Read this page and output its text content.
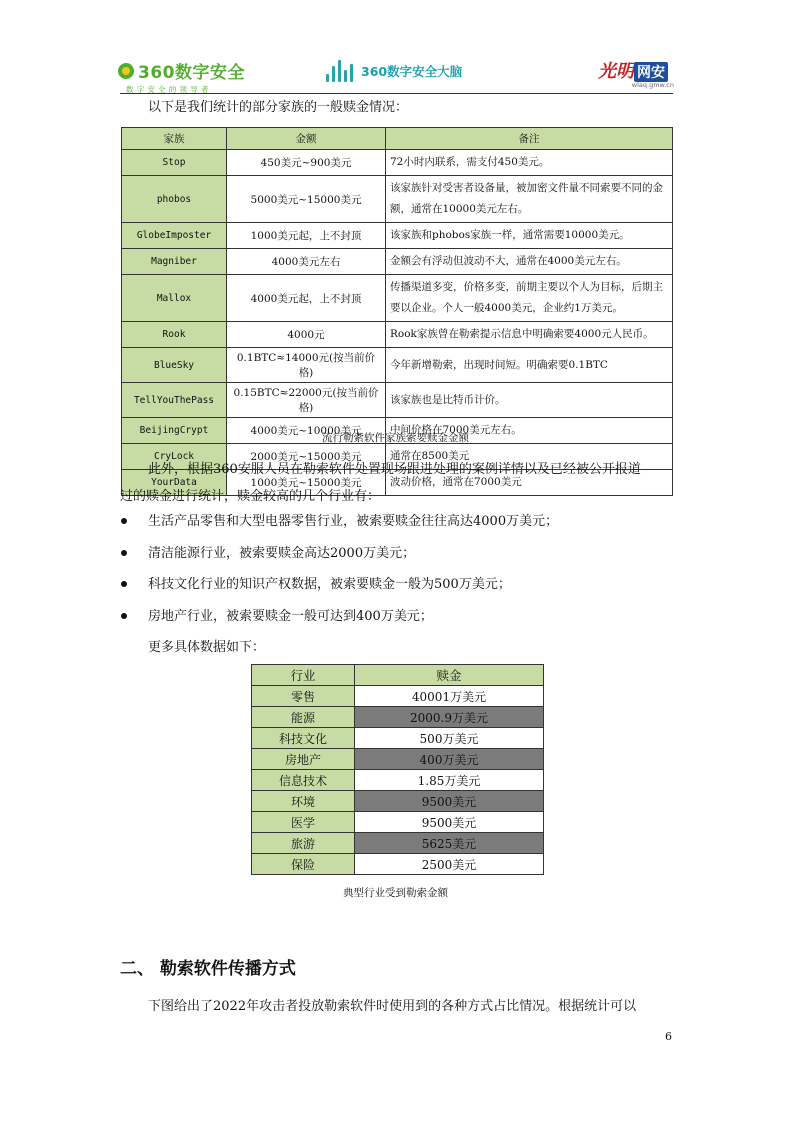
360数字安全
数字安全的领导者
360数字安全大脑	光明 网安
wlaq.gmw.cn
以下是我们统计的部分家族的一般赎金情况：
家族	金额	备注
Stop	450美元~900美元	72小时内联系，需支付450美元。
phobos	5000美元~15000美元	该家族针对受害者设备量，被加密文件量不同索要不同的金额，通常在10000美元左右。
GlobeImposter	1000美元起，上不封顶	该家族和phobos家族一样，通常需要10000美元。
Magniber	4000美元左右	金额会有浮动但波动不大，通常在4000美元左右。
Mallox	4000美元起，上不封顶	传播渠道多变，价格多变，前期主要以个人为目标，后期主要以企业。个人一般4000美元，企业约1万美元。
Rook	4000元	Rook家族曾在勒索提示信息中明确索要4000元人民币。
BlueSky	0.1BTC≈14000元(按当前价格)	今年新增勒索，出现时间短。明确索要0.1BTC
TellYouThePass	0.15BTC≈22000元(按当前价格)	该家族也是比特币计价。
BeijingCrypt	4000美元~10000美元	中间价格在7000美元左右。
CryLock	2000美元~15000美元	通常在8500美元
YourData	1000美元~15000美元	波动价格，通常在7000美元
流行勒索软件家族索要赎金金额
此外，根据360安服人员在勒索软件处置现场跟进处理的案例详情以及已经被公开报道
过的赎金进行统计，赎金较高的几个行业有：
生活产品零售和大型电器零售行业，被索要赎金往往高达4000万美元；
清洁能源行业，被索要赎金高达2000万美元；
科技文化行业的知识产权数据，被索要赎金一般为500万美元；
房地产行业，被索要赎金一般可达到400万美元；
更多具体数据如下：
行业	赎金
零售	40001万美元
能源	2000.9万美元
科技文化	500万美元
房地产	400万美元
信息技术	1.85万美元
环境	9500美元
医学	9500美元
旅游	5625美元
保险	2500美元
典型行业受到勒索金额
二、 勒索软件传播方式
下图给出了2022年攻击者投放勒索软件时使用到的各种方式占比情况。根据统计可以
6
